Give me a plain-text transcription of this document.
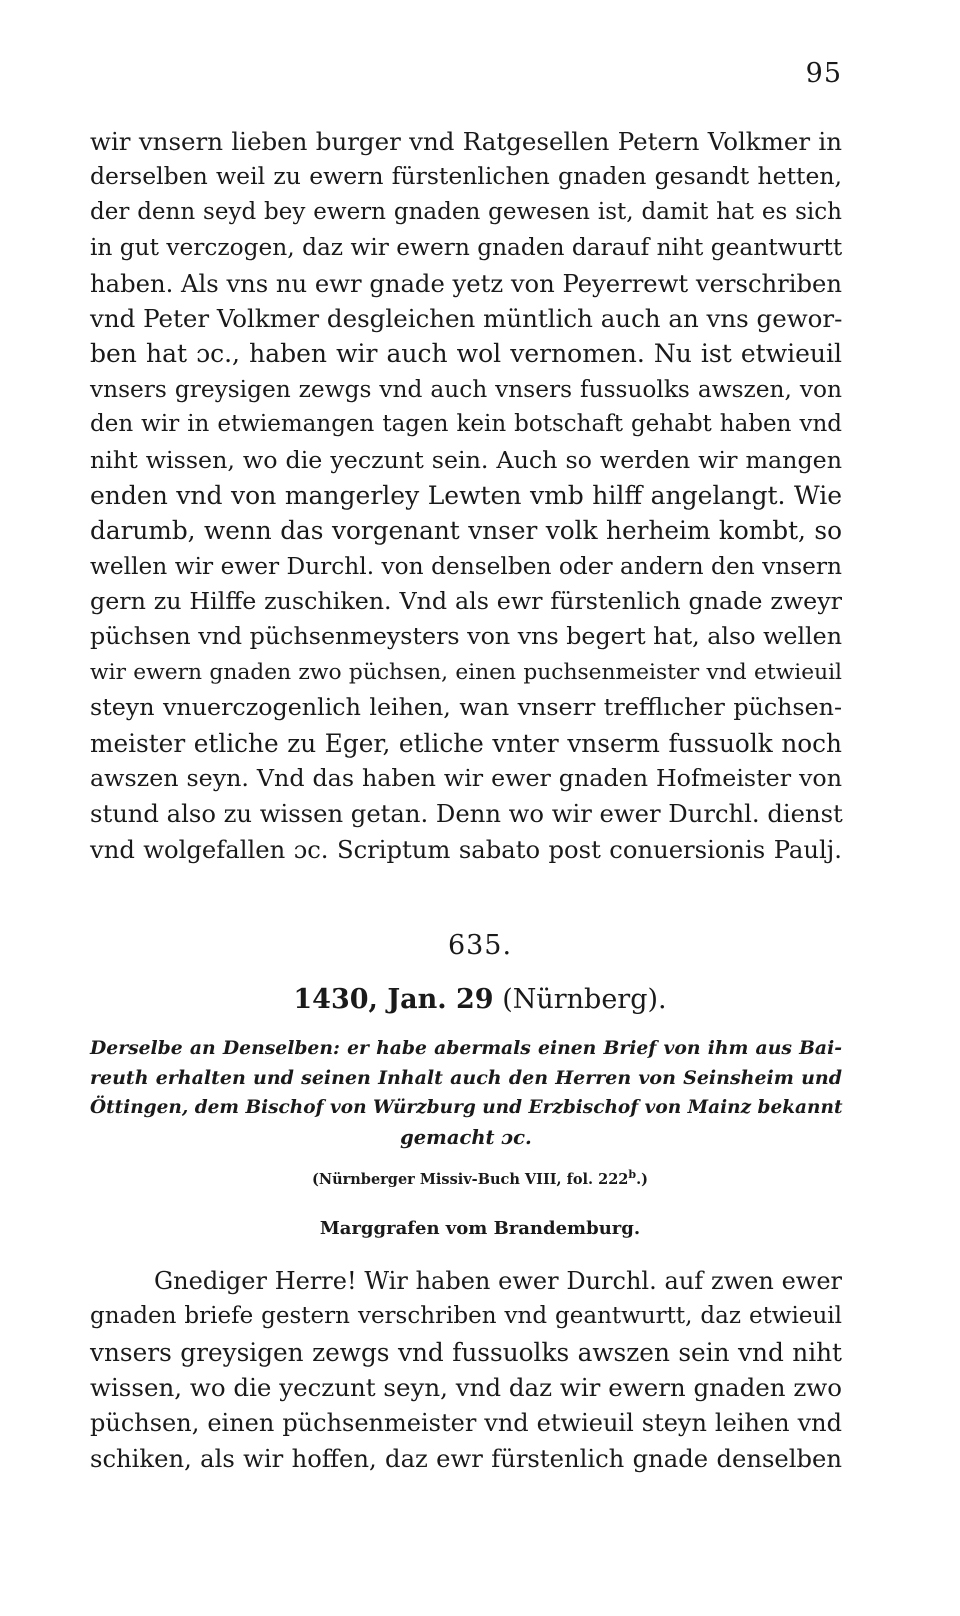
95
wir vnsern lieben burger vnd Ratgesellen Petern Volkmer in
derselben weil zu ewern fürstenlichen gnaden gesandt hetten,
der denn seyd bey ewern gnaden gewesen ist, damit hat es sich
in gut verczogen, daz wir ewern gnaden darauf niht geantwurtt
haben. Als vns nu ewr gnade yetz von Peyerrewt verschriben
vnd Peter Volkmer desgleichen müntlich auch an vns gewor-
ben hat ɔc., haben wir auch wol vernomen. Nu ist etwieuil
vnsers greysigen zewgs vnd auch vnsers fussuolks awszen, von
den wir in etwiemangen tagen kein botschaft gehabt haben vnd
niht wissen, wo die yeczunt sein. Auch so werden wir mangen
enden vnd von mangerley Lewten vmb hilff angelangt. Wie
darumb, wenn das vorgenant vnser volk herheim kombt, so
wellen wir ewer Durchl. von denselben oder andern den vnsern
gern zu Hilffe zuschiken. Vnd als ewr fürstenlich gnade zweyr
püchsen vnd püchsenmeysters von vns begert hat, also wellen
wir ewern gnaden zwo püchsen, einen puchsenmeister vnd etwieuil
steyn vnuerczogenlich leihen, wan vnserr trefflıcher püchsen-
meister etliche zu Eger, etliche vnter vnserm fussuolk noch
awszen seyn. Vnd das haben wir ewer gnaden Hofmeister von
stund also zu wissen getan. Denn wo wir ewer Durchl. dienst
vnd wolgefallen ɔc. Scriptum sabato post conuersionis Paulj.
635.
1430, Jan. 29 (Nürnberg).
Derselbe an Denselben: er habe abermals einen Brief von ihm aus Bai-
reuth erhalten und seinen Inhalt auch den Herren von Seinsheim und
Öttingen, dem Bischof von Würzburg und Erzbischof von Mainz bekannt
gemacht ɔc.
(Nürnberger Missiv-Buch VIII, fol. 222$^b$.)
Marggrafen vom Brandemburg.
Gnediger Herre! Wir haben ewer Durchl. auf zwen ewer
gnaden briefe gestern verschriben vnd geantwurtt, daz etwieuil
vnsers greysigen zewgs vnd fussuolks awszen sein vnd niht
wissen, wo die yeczunt seyn, vnd daz wir ewern gnaden zwo
püchsen, einen püchsenmeister vnd etwieuil steyn leihen vnd
schiken, als wir hoffen, daz ewr fürstenlich gnade denselben
